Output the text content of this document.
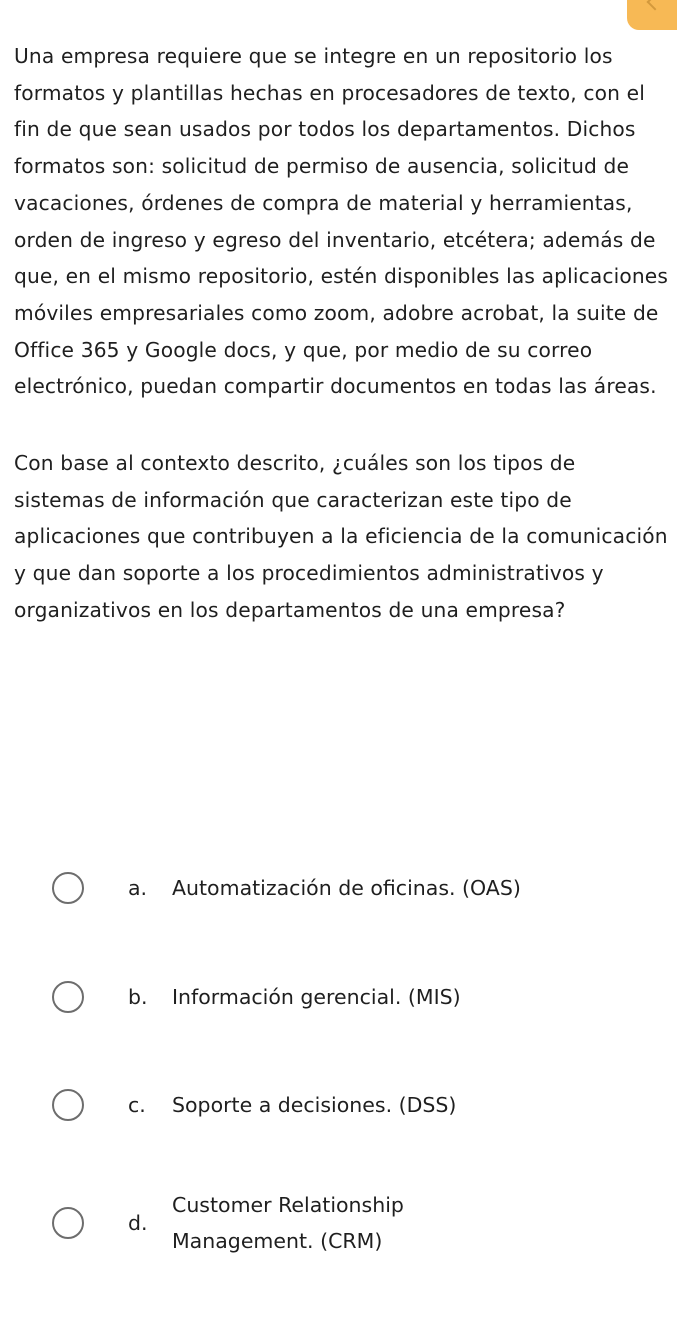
Una empresa requiere que se integre en un repositorio los formatos y plantillas hechas en procesadores de texto, con el fin de que sean usados por todos los departamentos. Dichos formatos son: solicitud de permiso de ausencia, solicitud de vacaciones, órdenes de compra de material y herramientas, orden de ingreso y egreso del inventario, etcétera; además de que, en el mismo repositorio, estén disponibles las aplicaciones móviles empresariales como zoom, adobre acrobat, la suite de Office 365 y Google docs, y que, por medio de su correo electrónico, puedan compartir documentos en todas las áreas.

Con base al contexto descrito, ¿cuáles son los tipos de sistemas de información que caracterizan este tipo de aplicaciones que contribuyen a la eficiencia de la comunicación y que dan soporte a los procedimientos administrativos y organizativos en los departamentos de una empresa?

a.	Automatización de oficinas. (OAS)
b.	Información gerencial. (MIS)
c.	Soporte a decisiones. (DSS)
d.
Customer Relationship Management. (CRM)
